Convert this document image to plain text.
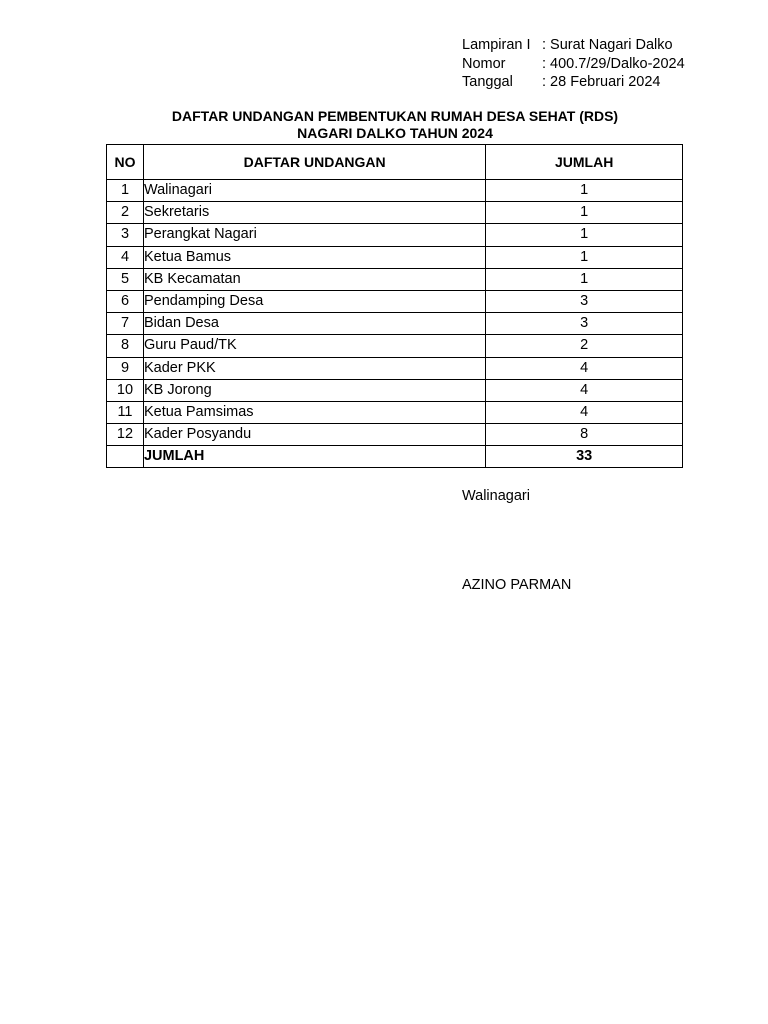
Lampiran I : Surat Nagari Dalko
Nomor	: 400.7/29/Dalko-2024
Tanggal	: 28 Februari 2024
DAFTAR UNDANGAN PEMBENTUKAN RUMAH DESA SEHAT (RDS)
NAGARI DALKO TAHUN 2024
NO	DAFTAR UNDANGAN	JUMLAH
1	Walinagari	1
2	Sekretaris	1
3	Perangkat Nagari	1
4	Ketua Bamus	1
5	KB Kecamatan	1
6	Pendamping Desa	3
7	Bidan Desa	3
8	Guru Paud/TK	2
9	Kader PKK	4
10	KB Jorong	4
11	Ketua Pamsimas	4
12	Kader Posyandu	8
	JUMLAH	33
Walinagari
AZINO PARMAN
